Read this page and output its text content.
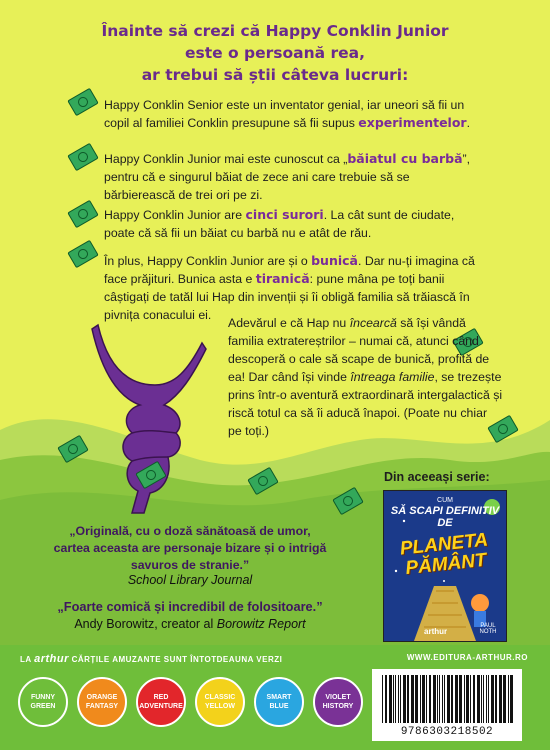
Înainte să crezi că Happy Conklin Junior
este o persoană rea,
ar trebui să știi câteva lucruri:
Happy Conklin Senior este un inventator genial, iar uneori să fii un copil al familiei Conklin presupune să fii supus experimentelor.
Happy Conklin Junior mai este cunoscut ca „băiatul cu barbă”, pentru că e singurul băiat de zece ani care trebuie să se bărbierească de trei ori pe zi.
Happy Conklin Junior are cinci surori. La cât sunt de ciudate, poate că să fii un băiat cu barbă nu e atât de rău.
În plus, Happy Conklin Junior are și o bunică. Dar nu-ți imagina că face prăjituri. Bunica asta e tiranică: pune mâna pe toți banii câștigați de tatăl lui Hap din invenții și îi obligă familia să trăiască în pivnița conacului ei.
Adevărul e că Hap nu încearcă să își vândă familia extratereștrilor – numai că, atunci când descoperă o cale să scape de bunică, profită de ea! Dar când își vinde întreaga familie, se trezește prins într-o aventură extraordinară intergalactică și riscă totul ca să îi aducă înapoi. (Poate nu chiar pe toți.)
Din aceeași serie:
CUM
SĂ SCAPI DEFINITIV DE
PLANETA PĂMÂNT
arthur
PAUL NOTH
„Originală, cu o doză sănătoasă de umor,
cartea aceasta are personaje bizare și o intrigă
savuros de stranie.”
School Library Journal
„Foarte comică și incredibil de folositoare.”
Andy Borowitz, creator al Borowitz Report
LA arthur CĂRȚILE AMUZANTE SUNT ÎNTOTDEAUNA VERZI	WWW.EDITURA-ARTHUR.RO
FUNNY
GREEN
ORANGE
FANTASY
RED
ADVENTURE
CLASSIC
YELLOW
SMART
BLUE
VIOLET
HISTORY
9786303218502
